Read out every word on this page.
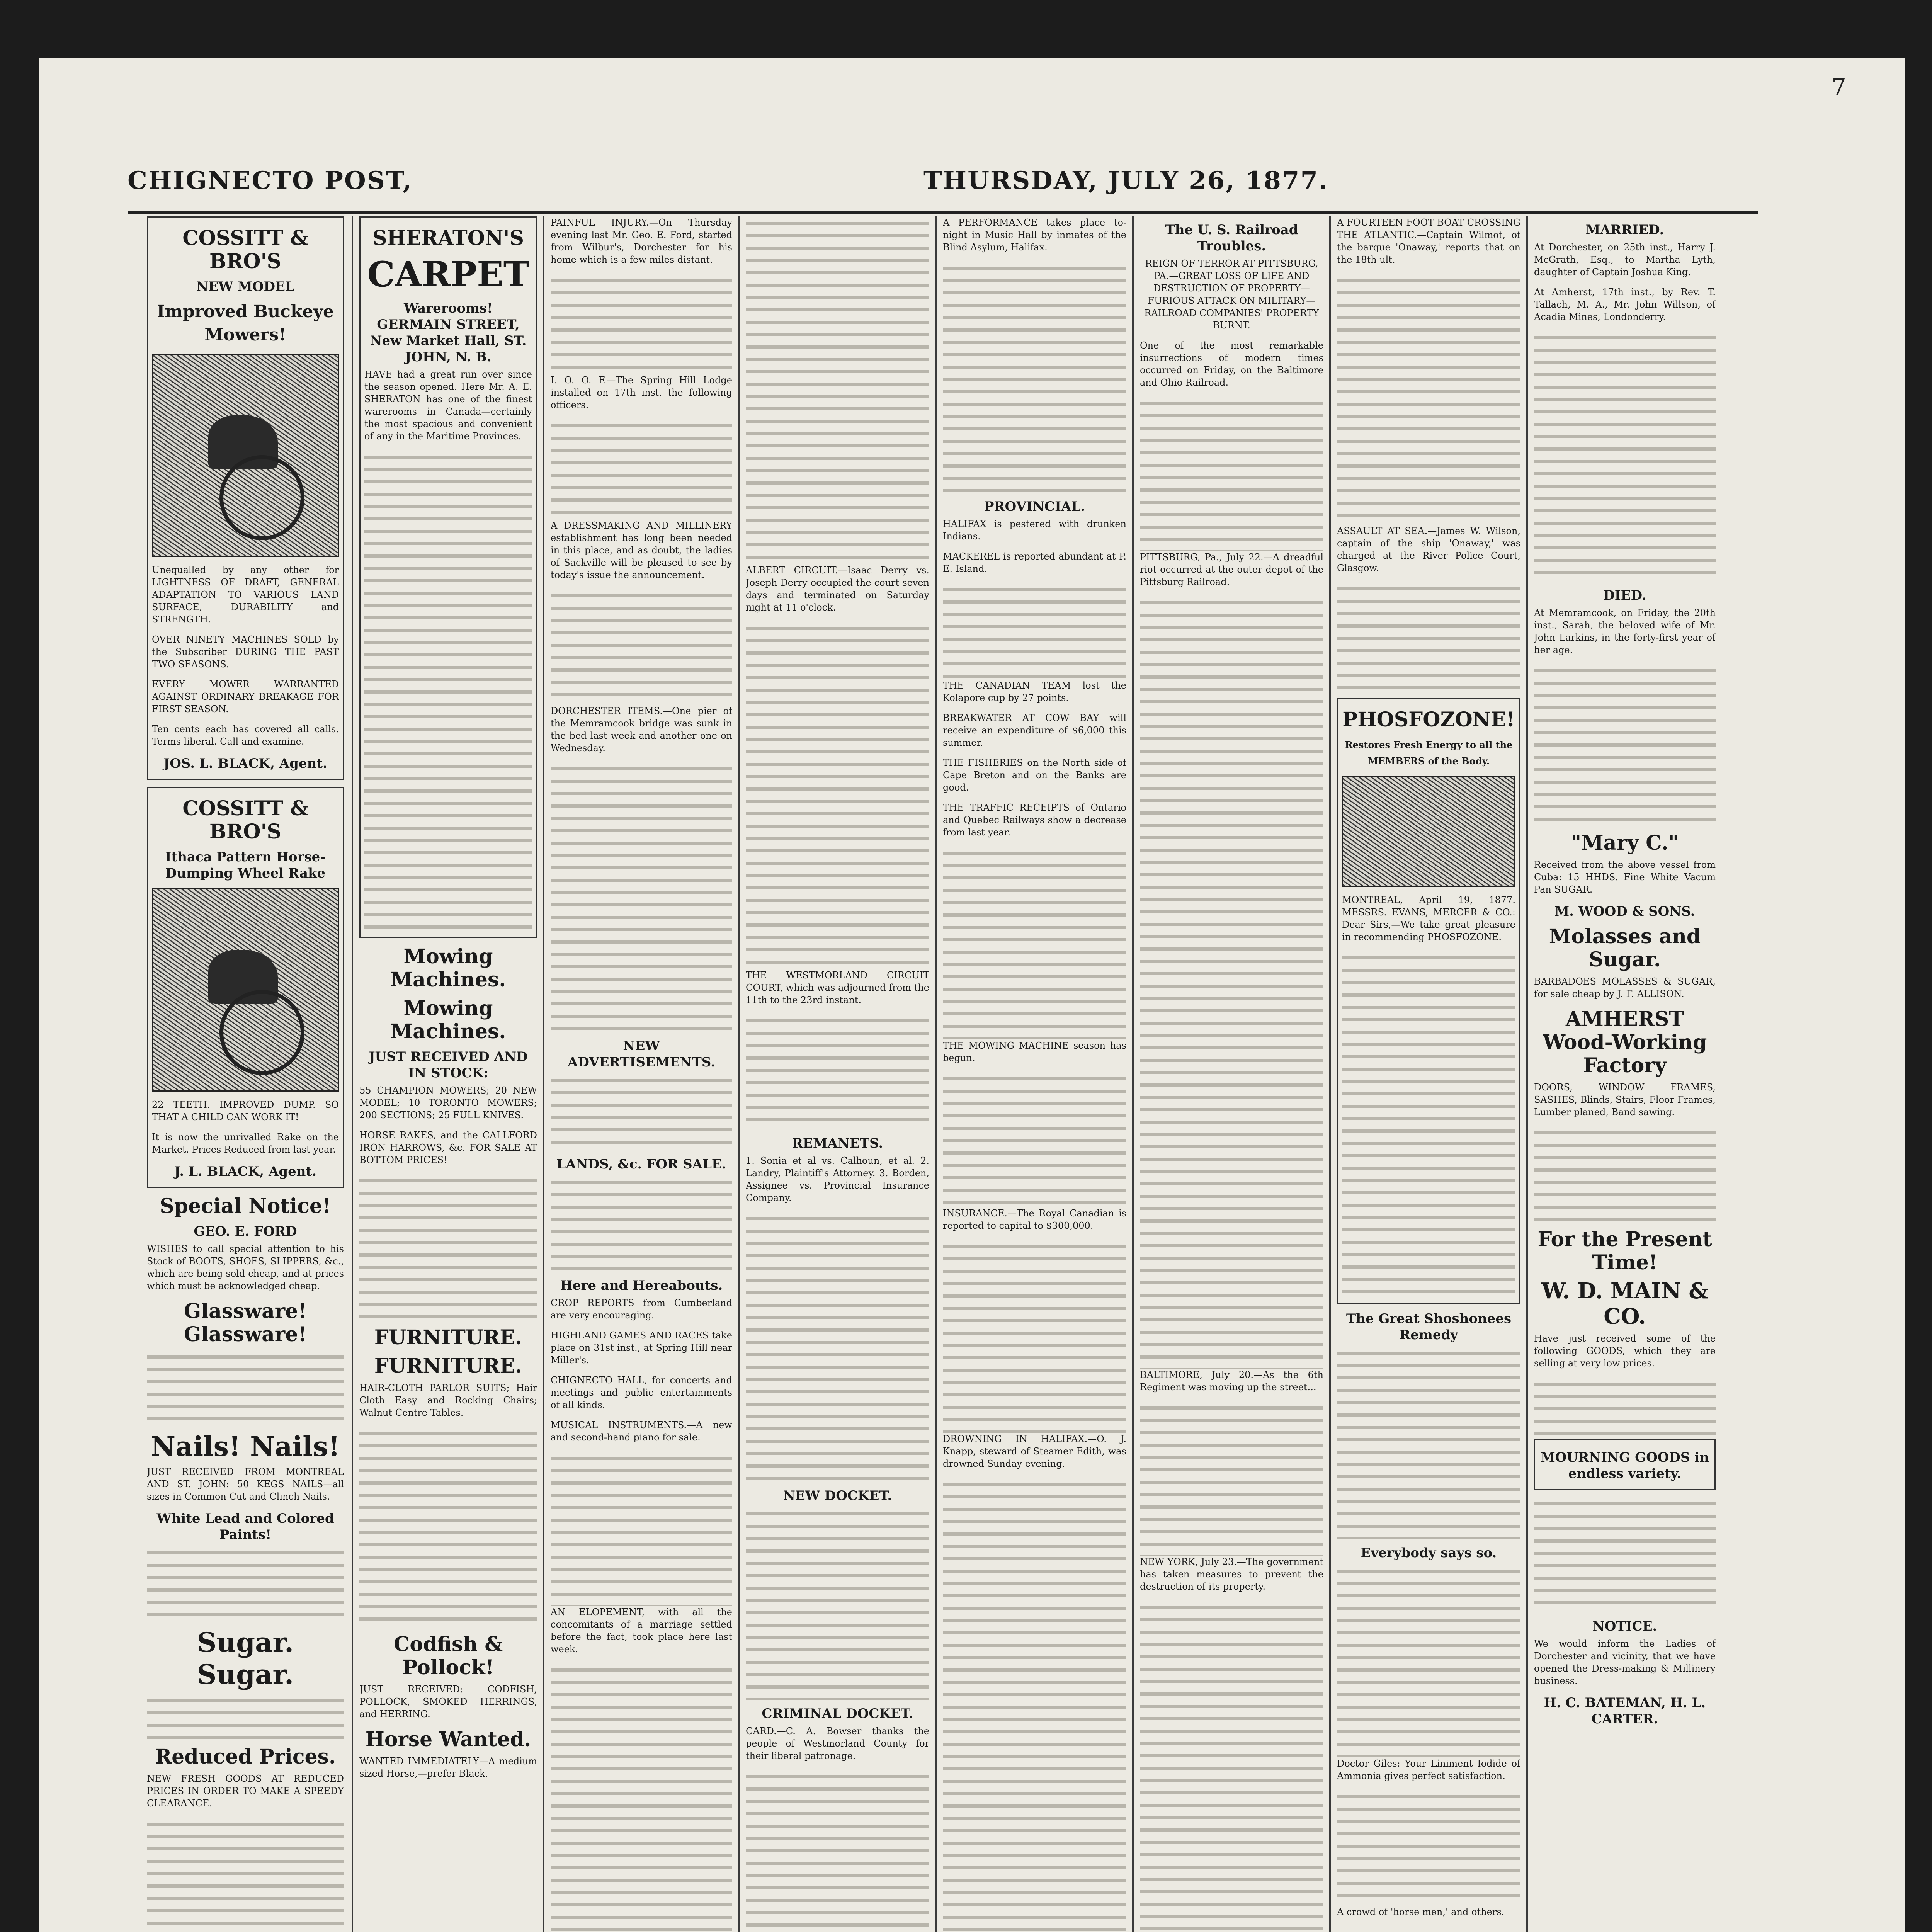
CHIGNECTO POST,	THURSDAY, JULY 26, 1877.
COSSITT & BRO'S
NEW MODEL
Improved Buckeye Mowers!

Unequalled by any other for LIGHTNESS OF DRAFT, GENERAL ADAPTATION TO VARIOUS LAND SURFACE, DURABILITY and STRENGTH.

OVER NINETY MACHINES SOLD by the Subscriber DURING THE PAST TWO SEASONS.

EVERY MOWER WARRANTED AGAINST ORDINARY BREAKAGE FOR FIRST SEASON.

Ten cents each has covered all calls. Terms liberal. Call and examine.

JOS. L. BLACK, Agent.
COSSITT & BRO'S
Ithaca Pattern Horse-Dumping Wheel Rake

22 TEETH. IMPROVED DUMP. SO THAT A CHILD CAN WORK IT!

It is now the unrivalled Rake on the Market. Prices Reduced from last year.

J. L. BLACK, Agent.
Special Notice!
GEO. E. FORD

WISHES to call special attention to his Stock of BOOTS, SHOES, SLIPPERS, &c., which are being sold cheap, and at prices which must be acknowledged cheap.

Glassware! Glassware!
Nails! Nails!

JUST RECEIVED FROM MONTREAL AND ST. JOHN: 50 KEGS NAILS—all sizes in Common Cut and Clinch Nails.

White Lead and Colored Paints!
Sugar. Sugar.
Reduced Prices.

NEW FRESH GOODS AT REDUCED PRICES IN ORDER TO MAKE A SPEEDY CLEARANCE.

SHERATON'S
CARPET
Warerooms! GERMAIN STREET, New Market Hall, ST. JOHN, N. B.

HAVE had a great run over since the season opened. Here Mr. A. E. SHERATON has one of the finest warerooms in Canada—certainly the most spacious and convenient of any in the Maritime Provinces.

Mowing Machines.
Mowing Machines.
JUST RECEIVED AND IN STOCK:

55 CHAMPION MOWERS; 20 NEW MODEL; 10 TORONTO MOWERS; 200 SECTIONS; 25 FULL KNIVES.

HORSE RAKES, and the CALLFORD IRON HARROWS, &c. FOR SALE AT BOTTOM PRICES!

FURNITURE.
FURNITURE.

HAIR-CLOTH PARLOR SUITS; Hair Cloth Easy and Rocking Chairs; Walnut Centre Tables.

Codfish & Pollock!

JUST RECEIVED: CODFISH, POLLOCK, SMOKED HERRINGS, and HERRING.

Horse Wanted.

WANTED IMMEDIATELY—A medium sized Horse,—prefer Black.

PAINFUL INJURY.—On Thursday evening last Mr. Geo. E. Ford, started from Wilbur's, Dorchester for his home which is a few miles distant.

I. O. O. F.—The Spring Hill Lodge installed on 17th inst. the following officers.

A DRESSMAKING AND MILLINERY establishment has long been needed in this place, and as doubt, the ladies of Sackville will be pleased to see by today's issue the announcement.

DORCHESTER ITEMS.—One pier of the Memramcook bridge was sunk in the bed last week and another one on Wednesday.

NEW ADVERTISEMENTS.
LANDS, &c. FOR SALE.
Here and Hereabouts.

CROP REPORTS from Cumberland are very encouraging.

HIGHLAND GAMES AND RACES take place on 31st inst., at Spring Hill near Miller's.

CHIGNECTO HALL, for concerts and meetings and public entertainments of all kinds.

MUSICAL INSTRUMENTS.—A new and second-hand piano for sale.

AN ELOPEMENT, with all the concomitants of a marriage settled before the fact, took place here last week.

ALBERT CIRCUIT.—Isaac Derry vs. Joseph Derry occupied the court seven days and terminated on Saturday night at 11 o'clock.

THE WESTMORLAND CIRCUIT COURT, which was adjourned from the 11th to the 23rd instant.

REMANETS.

1. Sonia et al vs. Calhoun, et al. 2. Landry, Plaintiff's Attorney. 3. Borden, Assignee vs. Provincial Insurance Company.

NEW DOCKET.
CRIMINAL DOCKET.

CARD.—C. A. Bowser thanks the people of Westmorland County for their liberal patronage.

A PERFORMANCE takes place to-night in Music Hall by inmates of the Blind Asylum, Halifax.

PROVINCIAL.

HALIFAX is pestered with drunken Indians.

MACKEREL is reported abundant at P. E. Island.

THE CANADIAN TEAM lost the Kolapore cup by 27 points.

BREAKWATER AT COW BAY will receive an expenditure of $6,000 this summer.

THE FISHERIES on the North side of Cape Breton and on the Banks are good.

THE TRAFFIC RECEIPTS of Ontario and Quebec Railways show a decrease from last year.

THE MOWING MACHINE season has begun.

INSURANCE.—The Royal Canadian is reported to capital to $300,000.

DROWNING IN HALIFAX.—O. J. Knapp, steward of Steamer Edith, was drowned Sunday evening.

The U. S. Railroad Troubles.

REIGN OF TERROR AT PITTSBURG, PA.—GREAT LOSS OF LIFE AND DESTRUCTION OF PROPERTY—FURIOUS ATTACK ON MILITARY—RAILROAD COMPANIES' PROPERTY BURNT.

One of the most remarkable insurrections of modern times occurred on Friday, on the Baltimore and Ohio Railroad.

PITTSBURG, Pa., July 22.—A dreadful riot occurred at the outer depot of the Pittsburg Railroad.

BALTIMORE, July 20.—As the 6th Regiment was moving up the street...

NEW YORK, July 23.—The government has taken measures to prevent the destruction of its property.

A FOURTEEN FOOT BOAT CROSSING THE ATLANTIC.—Captain Wilmot, of the barque 'Onaway,' reports that on the 18th ult.

ASSAULT AT SEA.—James W. Wilson, captain of the ship 'Onaway,' was charged at the River Police Court, Glasgow.

PHOSFOZONE!
Restores Fresh Energy to all the MEMBERS of the Body.

MONTREAL, April 19, 1877. MESSRS. EVANS, MERCER & CO.: Dear Sirs,—We take great pleasure in recommending PHOSFOZONE.

The Great Shoshonees Remedy
Everybody says so.

Doctor Giles: Your Liniment Iodide of Ammonia gives perfect satisfaction.

A crowd of 'horse men,' and others.

MARRIED.

At Dorchester, on 25th inst., Harry J. McGrath, Esq., to Martha Lyth, daughter of Captain Joshua King.

At Amherst, 17th inst., by Rev. T. Tallach, M. A., Mr. John Willson, of Acadia Mines, Londonderry.

DIED.

At Memramcook, on Friday, the 20th inst., Sarah, the beloved wife of Mr. John Larkins, in the forty-first year of her age.

"Mary C."

Received from the above vessel from Cuba: 15 HHDS. Fine White Vacum Pan SUGAR.

M. WOOD & SONS.
Molasses and Sugar.

BARBADOES MOLASSES & SUGAR, for sale cheap by J. F. ALLISON.

AMHERST Wood-Working Factory

DOORS, WINDOW FRAMES, SASHES, Blinds, Stairs, Floor Frames, Lumber planed, Band sawing.

For the Present Time!
W. D. MAIN & CO.

Have just received some of the following GOODS, which they are selling at very low prices.

MOURNING GOODS in endless variety.
NOTICE.

We would inform the Ladies of Dorchester and vicinity, that we have opened the Dress-making & Millinery business.

H. C. BATEMAN, H. L. CARTER.
7
